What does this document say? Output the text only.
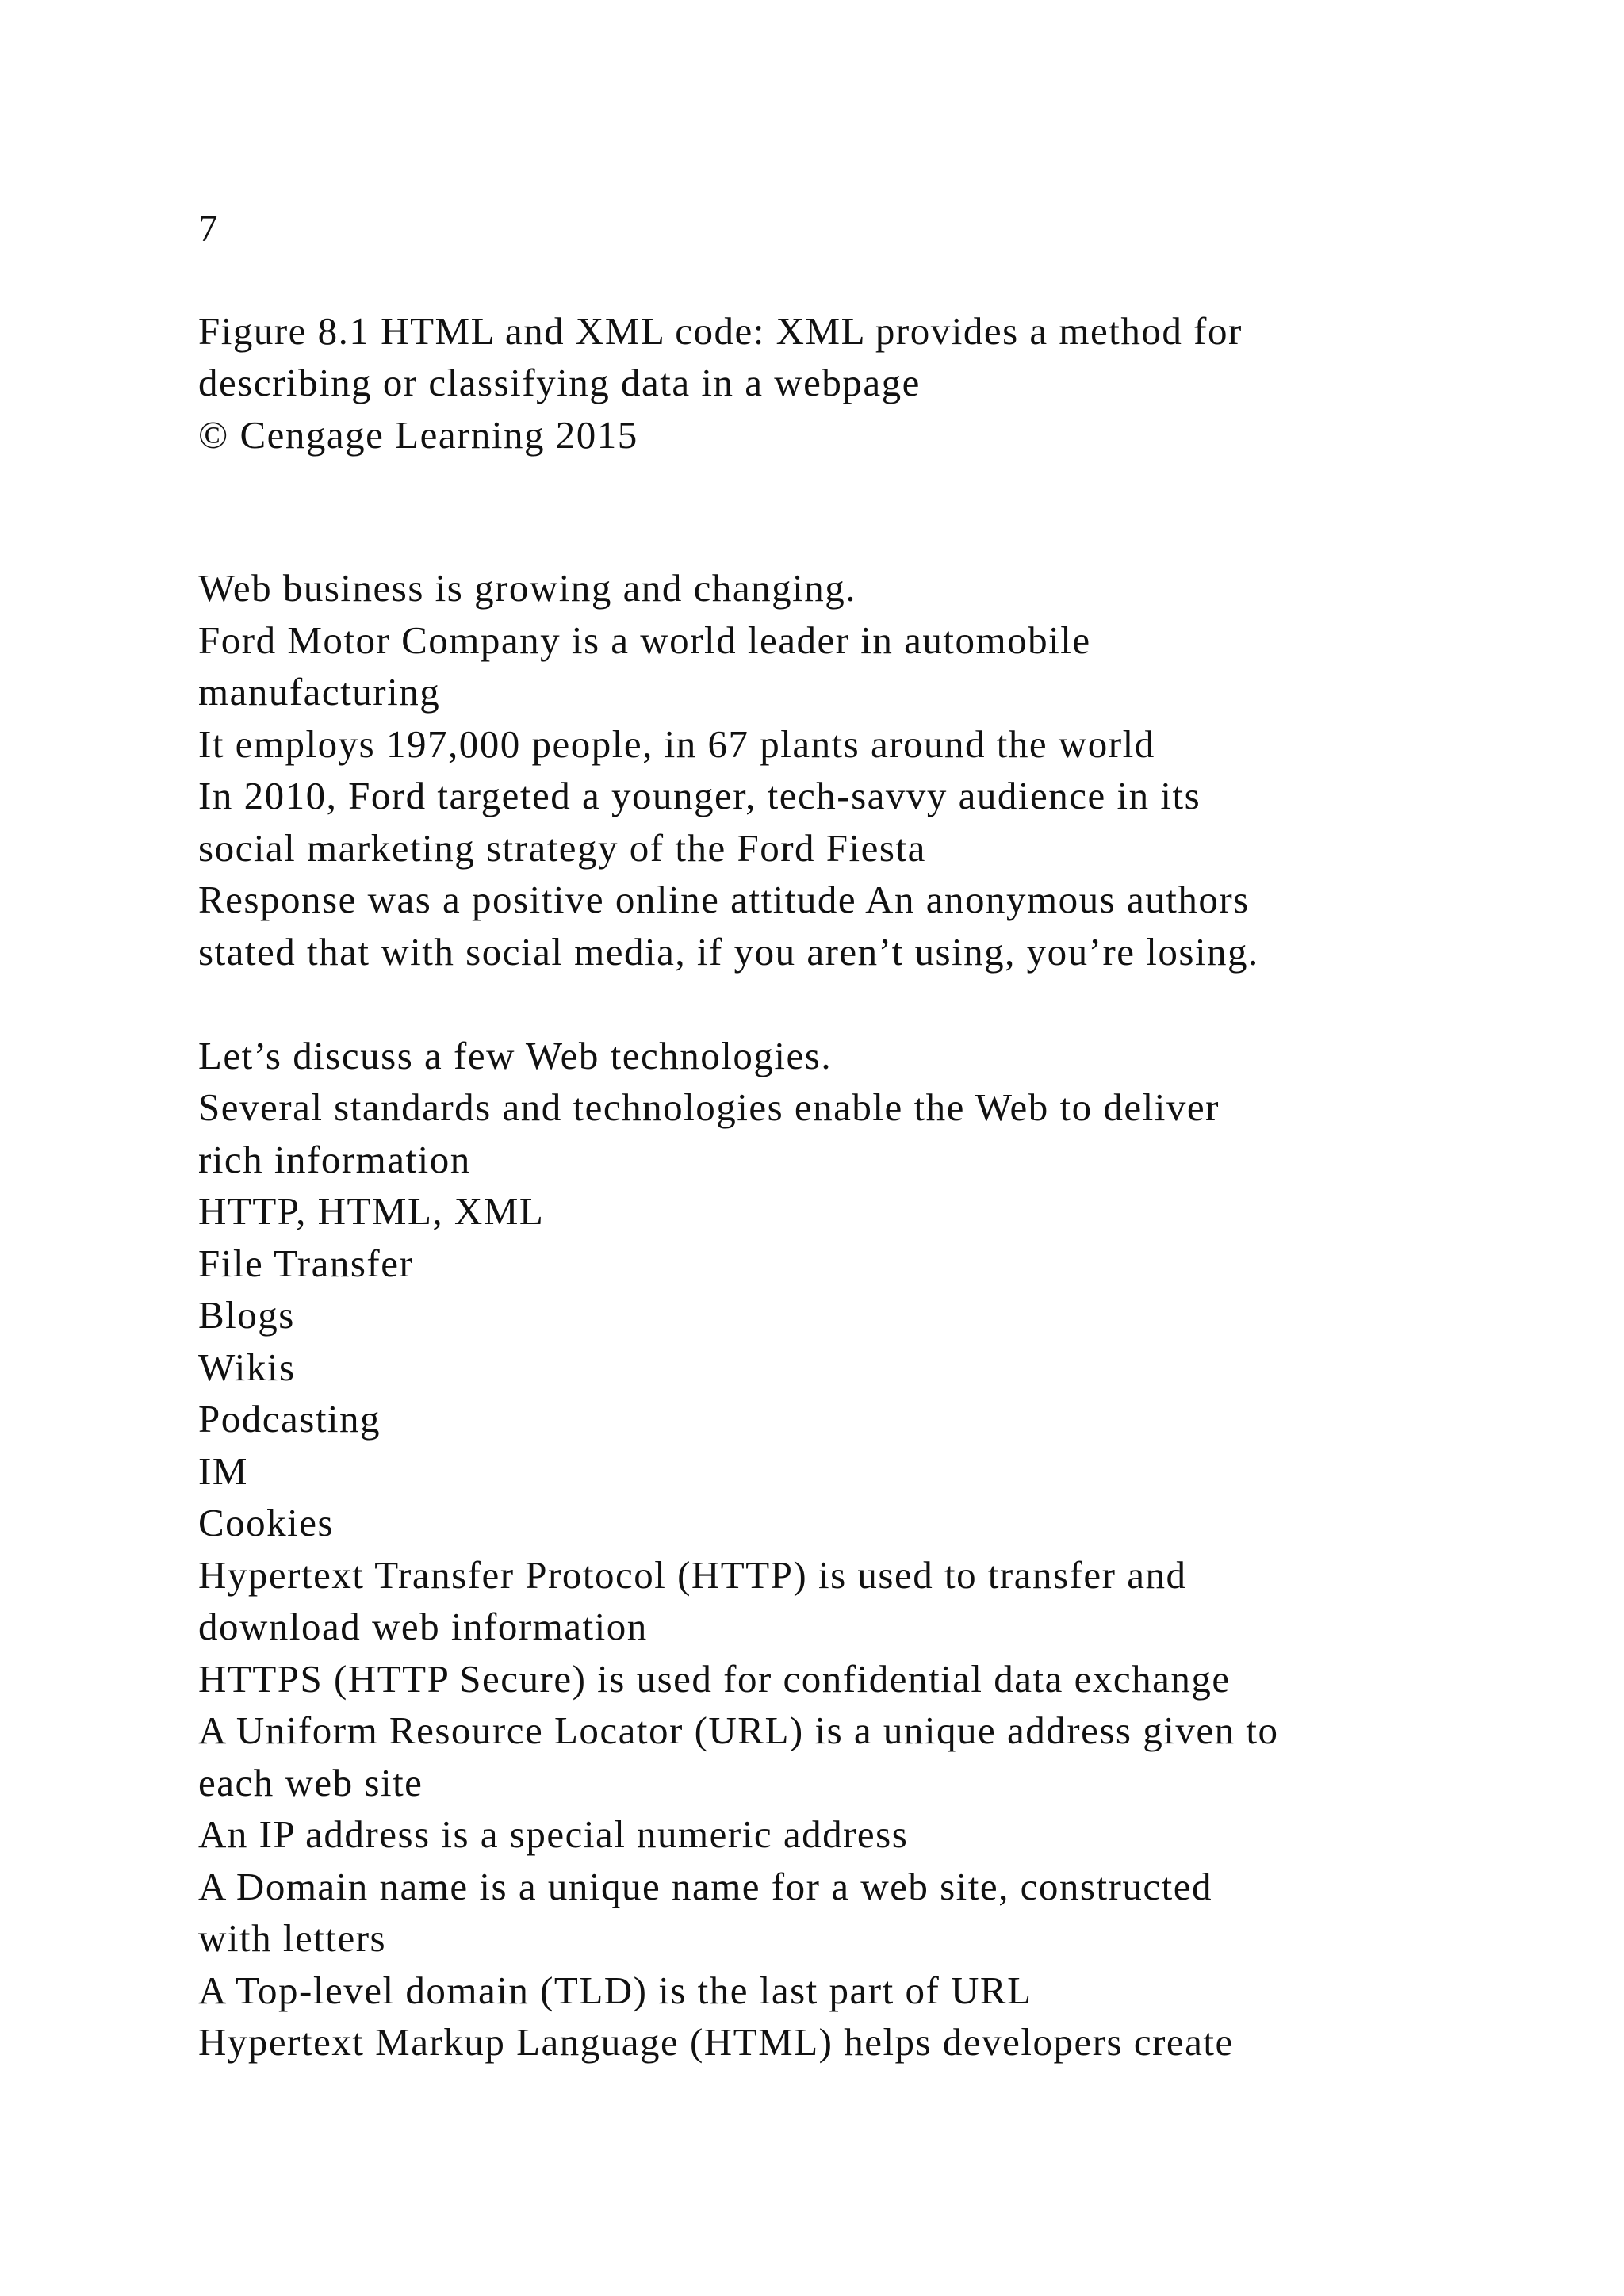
7
Figure 8.1 HTML and XML code: XML provides a method for
describing or classifying data in a webpage
© Cengage Learning 2015
Web business is growing and changing.
Ford Motor Company is a world leader in automobile
manufacturing
It employs 197,000 people, in 67 plants around the world
In 2010, Ford targeted a younger, tech-savvy audience in its
social marketing strategy of the Ford Fiesta
Response was a positive online attitude An anonymous authors
stated that with social media, if you aren’t using, you’re losing.
Let’s discuss a few Web technologies.
Several standards and technologies enable the Web to deliver
rich information
HTTP, HTML, XML
File Transfer
Blogs
Wikis
Podcasting
IM
Cookies
Hypertext Transfer Protocol (HTTP) is used to transfer and
download web information
HTTPS (HTTP Secure) is used for confidential data exchange
A Uniform Resource Locator (URL) is a unique address given to
each web site
An IP address is a special numeric address
A Domain name is a unique name for a web site, constructed
with letters
A Top-level domain (TLD) is the last part of URL
Hypertext Markup Language (HTML) helps developers create
